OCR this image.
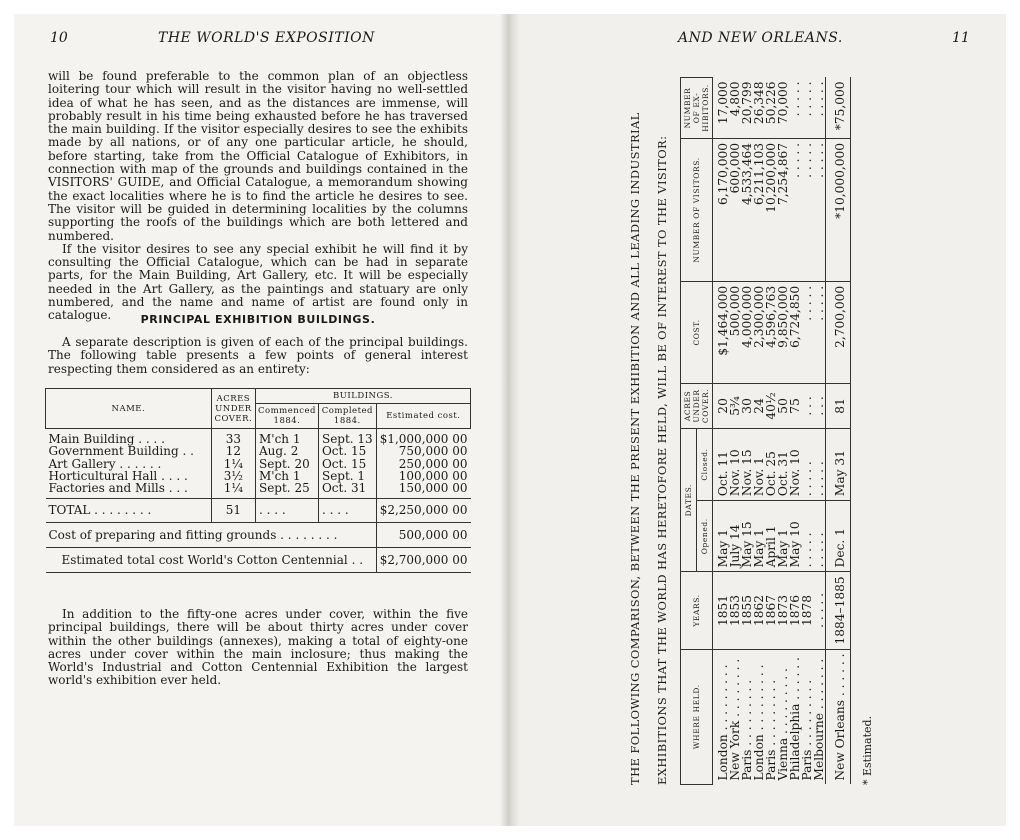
10	THE WORLD'S EXPOSITION

will be found preferable to the common plan of an objectless loitering tour which will result in the visitor having no well-settled idea of what he has seen, and as the distances are immense, will probably result in his time being exhausted before he has traversed the main building. If the visitor especially desires to see the exhibits made by all nations, or of any one particular article, he should, before starting, take from the Official Catalogue of Exhibitors, in connection with map of the grounds and buildings contained in the VISITORS' GUIDE, and Official Catalogue, a memorandum showing the exact localities where he is to find the article he desires to see. The visitor will be guided in determining localities by the columns supporting the roofs of the buildings which are both lettered and numbered.

If the visitor desires to see any special exhibit he will find it by consulting the Official Catalogue, which can be had in separate parts, for the Main Building, Art Gallery, etc. It will be especially needed in the Art Gallery, as the paintings and statuary are only numbered, and the name and name of artist are found only in catalogue.	PRINCIPAL EXHIBITION BUILDINGS.

A separate description is given of each of the principal buildings. The following table presents a few points of general interest respecting them considered as an entirety:

NAME.	ACRES UNDER COVER.	BUILDINGS.		
		Commenced 1884.	Completed 1884.	Estimated cost.
Main Building . . . .	33	M'ch 1	Sept. 13	$1,000,000 00
Government Building . .	12	Aug. 2	Oct. 15	750,000 00
Art Gallery . . . . . .	1¼	Sept. 20	Oct. 15	250,000 00
Horticultural Hall . . . .	3½	M'ch 1	Sept. 1	100,000 00
Factories and Mills . . .	1¼	Sept. 25	Oct. 31	150,000 00
TOTAL . . . . . . . .	51	. . . .	. . . .	$2,250,000 00
Cost of preparing and fitting grounds . . . . . . . .				500,000 00
Estimated total cost World's Cotton Centennial . .				$2,700,000 00

In addition to the fifty-one acres under cover, within the five principal buildings, there will be about thirty acres under cover within the other buildings (annexes), making a total of eighty-one acres under cover within the main inclosure; thus making the World's Industrial and Cotton Centennial Exhibition the largest world's exhibition ever held.

AND NEW ORLEANS.	11

THE FOLLOWING COMPARISON, BETWEEN THE PRESENT EXHIBITION AND ALL LEADING INDUSTRIAL EXHIBITIONS THAT THE WORLD HAS HERETOFORE HELD, WILL BE OF INTEREST TO THE VISITOR:	WHERE HELD.	YEARS.	DATES.		ACRES UNDER COVER.	COST.	NUMBER OF VISITORS.	NUMBER OF EX-HIBITORS.
		Opened.	Closed.				
London . . . . . . . . .	1851	May 1	Oct. 11	20	$1,464,000	6,170,000	17,000
New York . . . . . . . .	1853	July 14	Nov. 10	5¾	500,000	600,000	4,800
Paris . . . . . . . . .	1855	May 15	Nov. 15	30	4,000,000	4,533,464	20,799
London . . . . . . . . .	1862	May 1	Nov. 1	24	2,300,000	6,211,103	26,348
Paris . . . . . . . . .	1867	April 1	Oct. 25	40½	4,596,763	10,200,000	50,226
Vienna . . . . . . . . .	1873	May 1	Oct. 31	50	9,850,000	7,254,867	70,000
Philadelphia . . . . . .	1876	May 10	Nov. 10	75	6,724,850	. . . . .	. . . . .
Paris . . . . . . . . .	1878	. . . . .	. . . . .	. . .	. . . . .	. . . . .	. . . . .
Melbourne . . . . . . .	. . . . .	. . . . .	. . . . .	. . .	. . . . .	. . . . .	. . . . .
New Orleans . . . . . .	1884–1885	Dec. 1	May 31	81	2,700,000	*10,000,000	*75,000

* Estimated.
